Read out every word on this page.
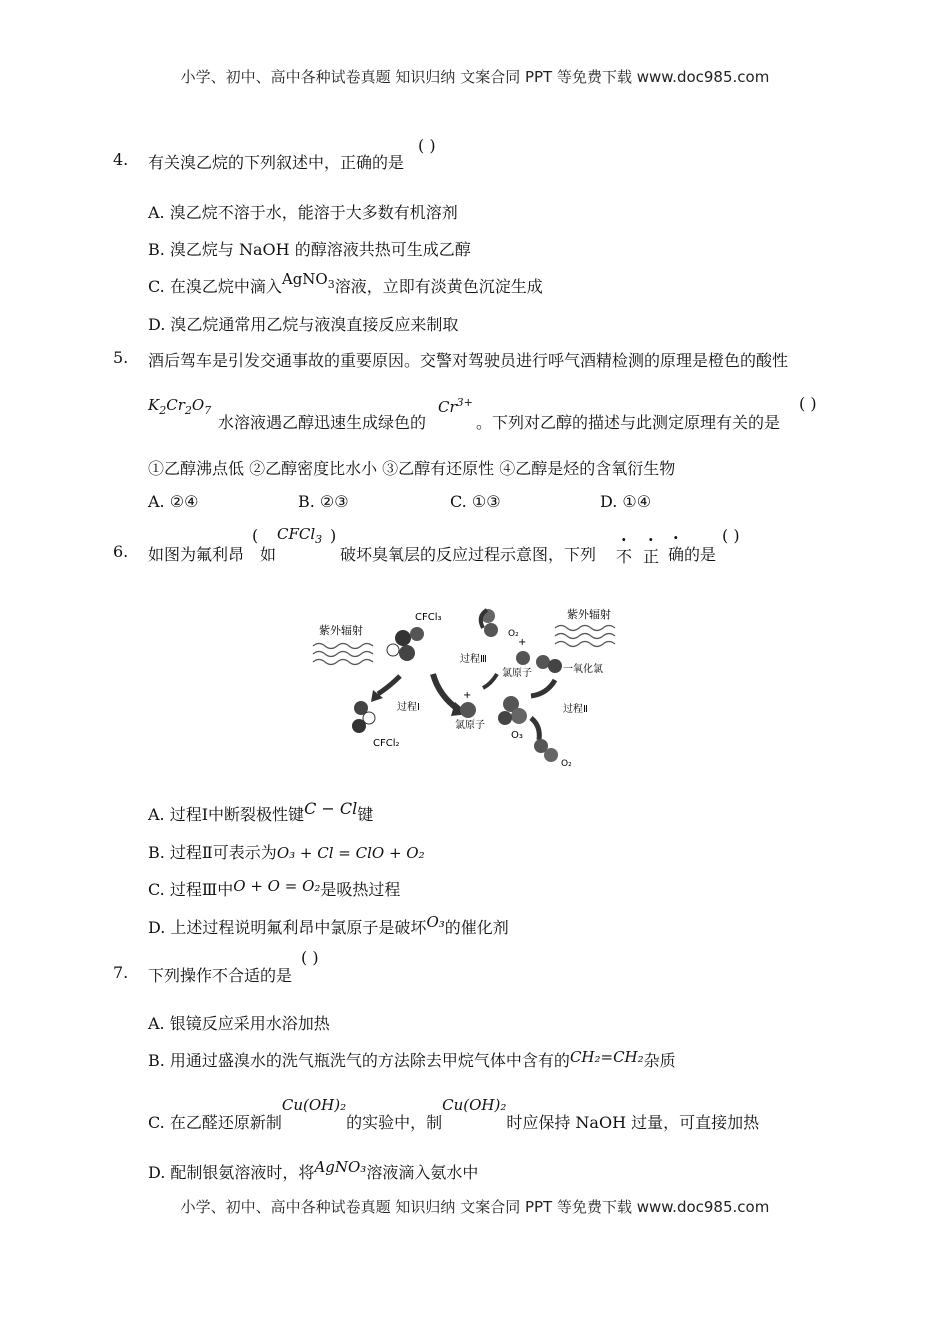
小学、初中、高中各种试卷真题 知识归纳 文案合同 PPT 等免费下载 www.doc985.com
4. 有关溴乙烷的下列叙述中，正确的是
( )
A. 溴乙烷不溶于水，能溶于大多数有机溶剂
B. 溴乙烷与 NaOH 的醇溶液共热可生成乙醇
C. 在溴乙烷中滴入AgNO$_3$溶液，立即有淡黄色沉淀生成
D. 溴乙烷通常用乙烷与液溴直接反应来制取
5. 酒后驾车是引发交通事故的重要原因。交警对驾驶员进行呼气酒精检测的原理是橙色的酸性
$K_2Cr_2O_7$
水溶液遇乙醇迅速生成绿色的
$Cr^{3+}$
。下列对乙醇的描述与此测定原理有关的是
( )
①乙醇沸点低 ②乙醇密度比水小 ③乙醇有还原性 ④乙醇是烃的含氧衍生物
A. ②④	B. ②③	C. ①③	D. ①④
6. 如图为氟利昂
(
如
CFCl$_3$ )
破坏臭氧层的反应过程示意图，下列 不 正 确的是
( )
紫外辐射
CFCl₃
过程Ⅰ
CFCl₂
+
氯原子
O₃
O₂
+
氯原子	一氧化氯
过程Ⅲ
过程Ⅱ
O₂
紫外辐射
A. 过程Ⅰ中断裂极性键C − Cl键
B. 过程Ⅱ可表示为O₃ + Cl = ClO + O₂
C. 过程Ⅲ中O + O = O₂是吸热过程
D. 上述过程说明氟利昂中氯原子是破坏O₃的催化剂
7. 下列操作不合适的是
( )
A. 银镜反应采用水浴加热
B. 用通过盛溴水的洗气瓶洗气的方法除去甲烷气体中含有的CH₂=CH₂杂质
C. 在乙醛还原新制Cu(OH)₂的实验中，制Cu(OH)₂时应保持 NaOH 过量，可直接加热
D. 配制银氨溶液时，将AgNO₃溶液滴入氨水中
小学、初中、高中各种试卷真题 知识归纳 文案合同 PPT 等免费下载 www.doc985.com
